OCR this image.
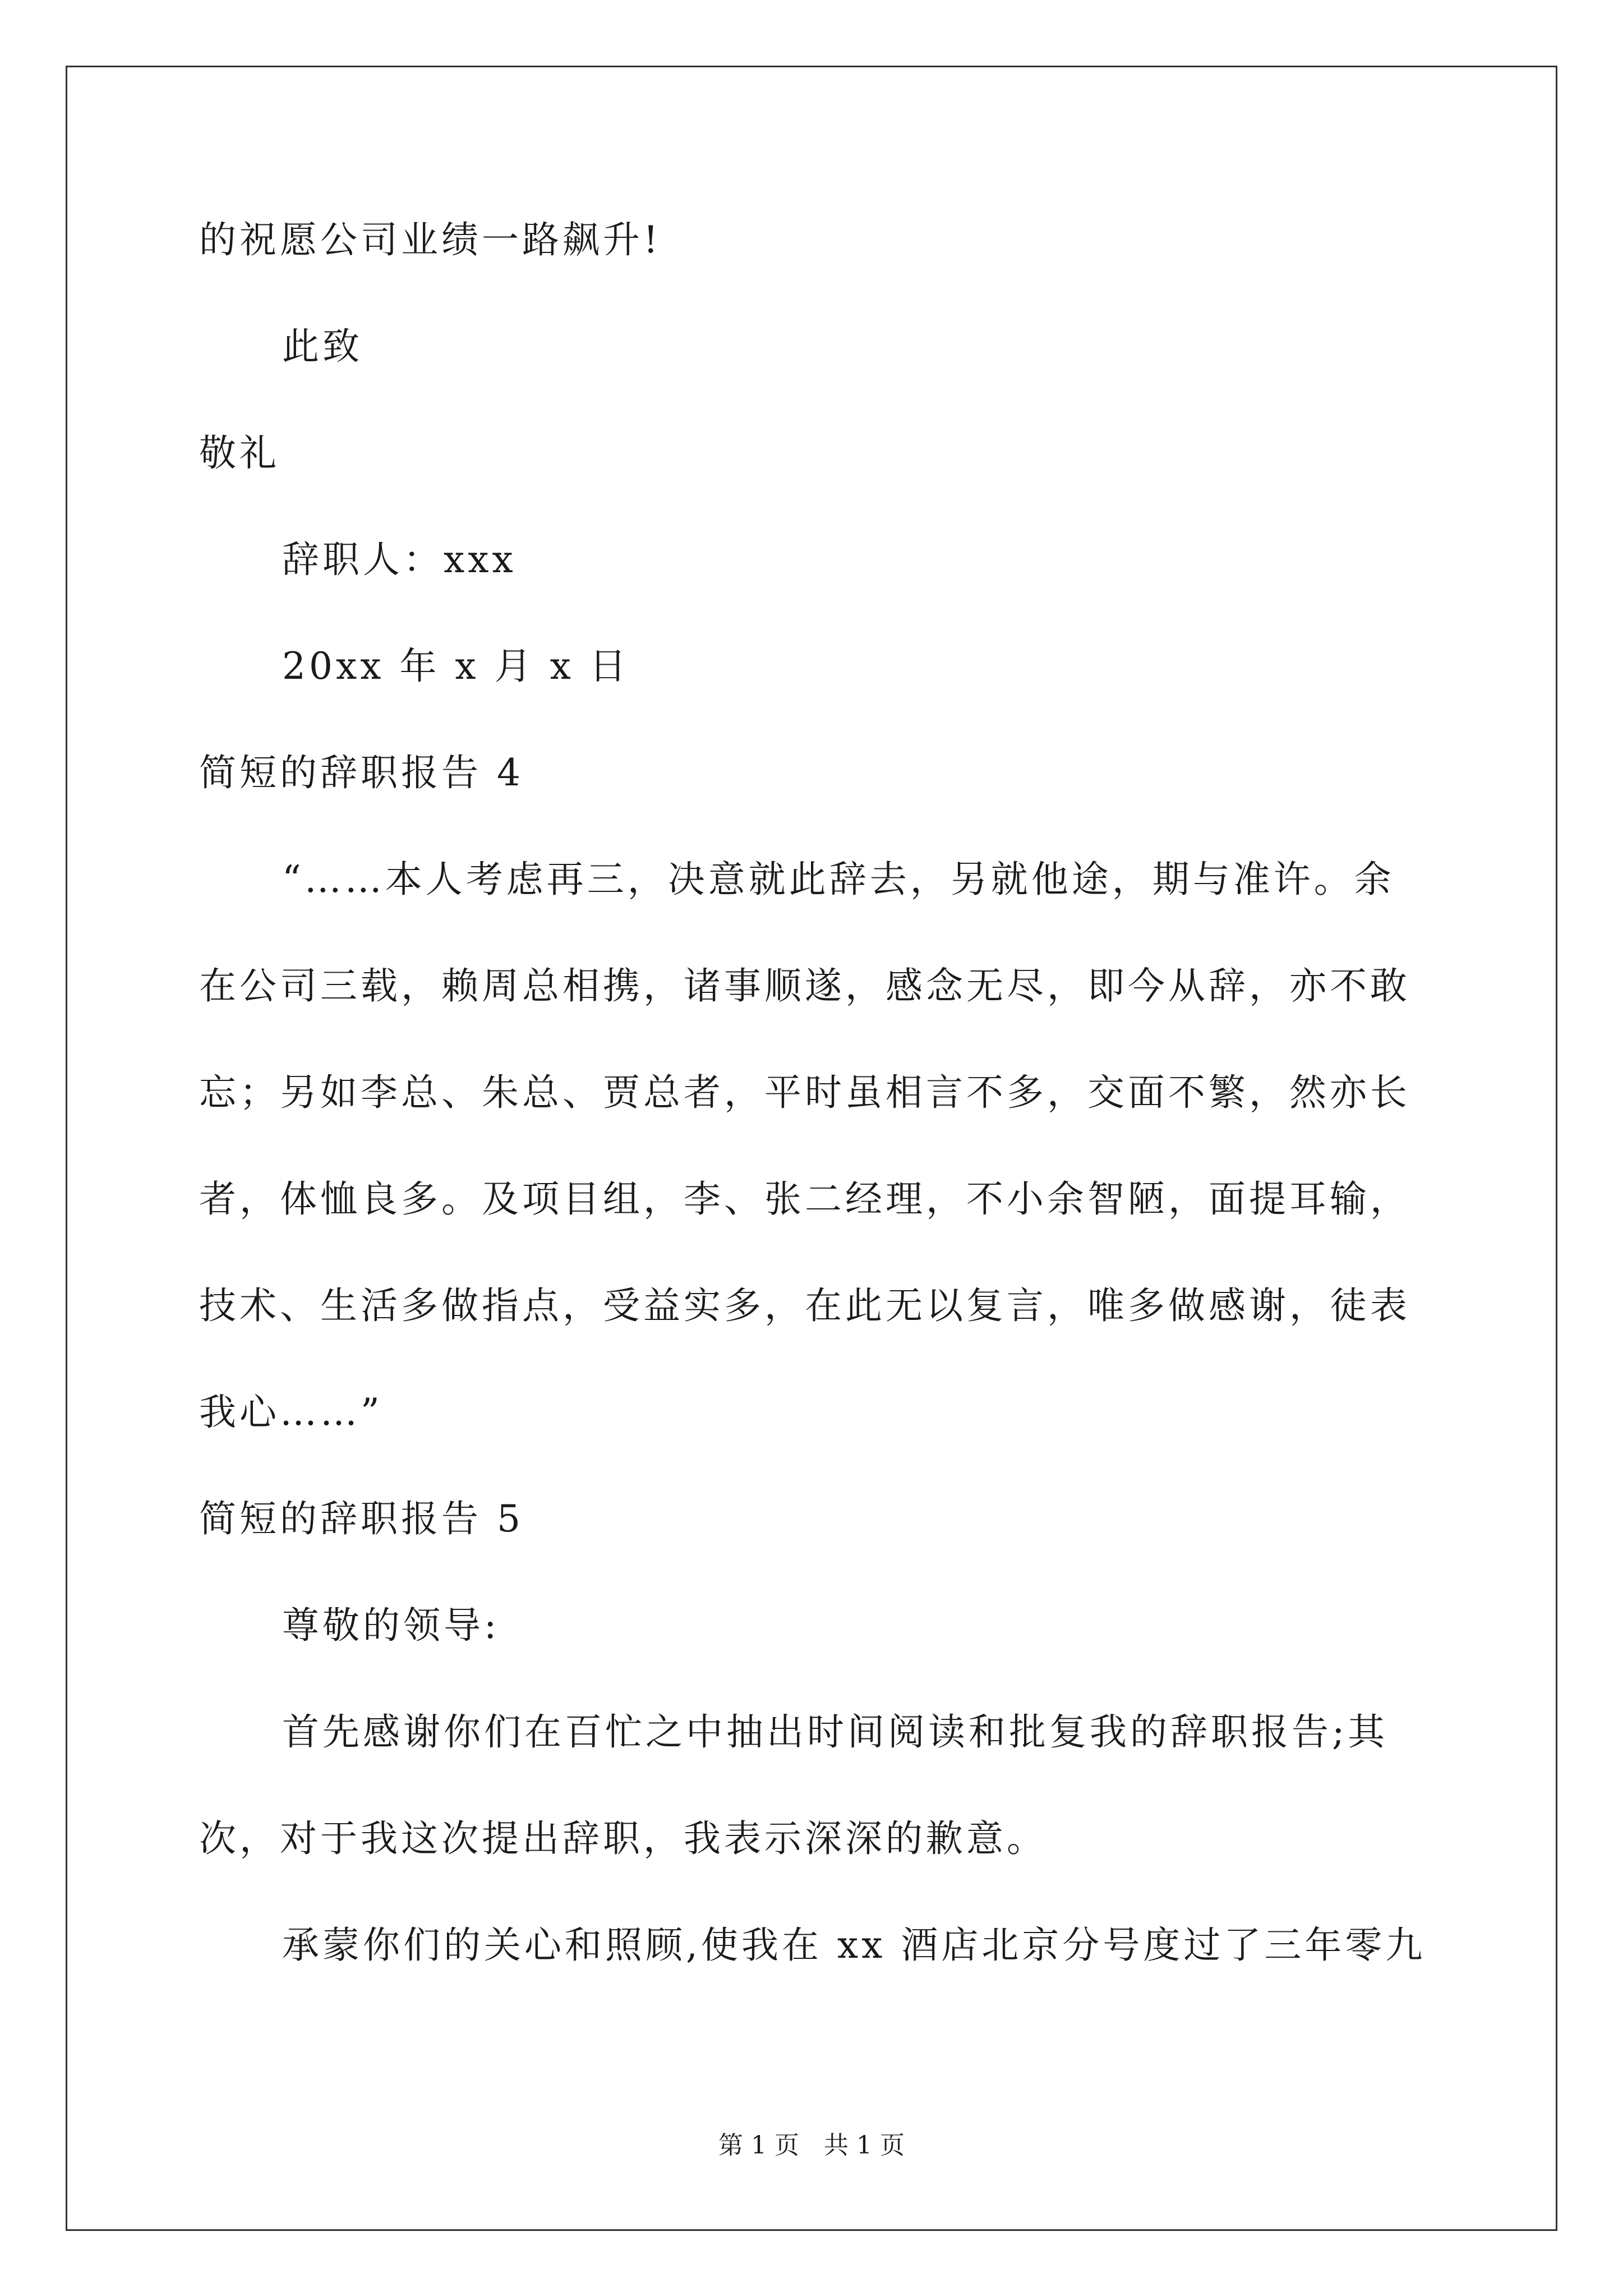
的祝愿公司业绩一路飙升!
此致
敬礼
辞职人：xxx
20xx 年 x 月 x 日
简短的辞职报告 4
“……本人考虑再三，决意就此辞去，另就他途，期与准许。余
在公司三载，赖周总相携，诸事顺遂，感念无尽，即今从辞，亦不敢
忘；另如李总、朱总、贾总者，平时虽相言不多，交面不繁，然亦长
者，体恤良多。及项目组，李、张二经理，不小余智陋，面提耳输，
技术、生活多做指点，受益实多，在此无以复言，唯多做感谢，徒表
我心……”
简短的辞职报告 5
尊敬的领导:
首先感谢你们在百忙之中抽出时间阅读和批复我的辞职报告;其
次，对于我这次提出辞职，我表示深深的歉意。
承蒙你们的关心和照顾,使我在 xx 酒店北京分号度过了三年零九
第 1 页　共 1 页
